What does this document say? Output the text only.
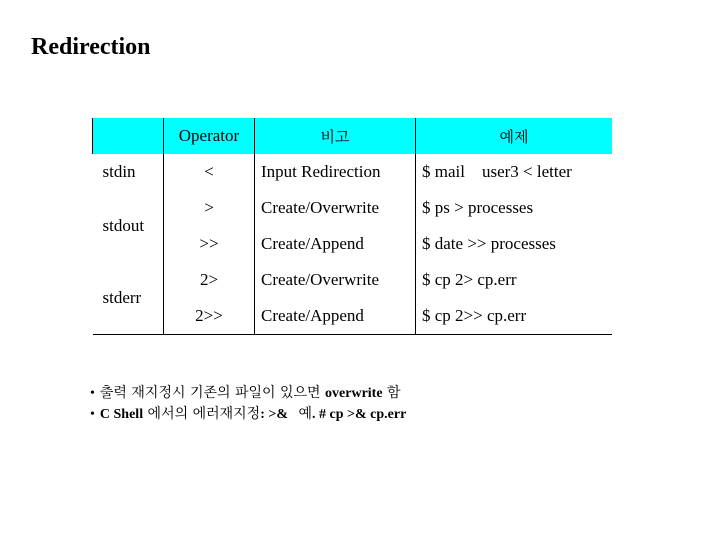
Redirection
	Operator	비고	예제
stdin	<	Input Redirection	$ mail    user3 < letter
stdout	>	Create/Overwrite	$ ps > processes
	>>	Create/Append	$ date >> processes
stderr	2>	Create/Overwrite	$ cp 2> cp.err
	2>>	Create/Append	$ cp 2>> cp.err
• 출력 재지정시 기존의 파일이 있으면 overwrite 함
• C Shell 에서의 에러재지정: >&   예. # cp >& cp.err
